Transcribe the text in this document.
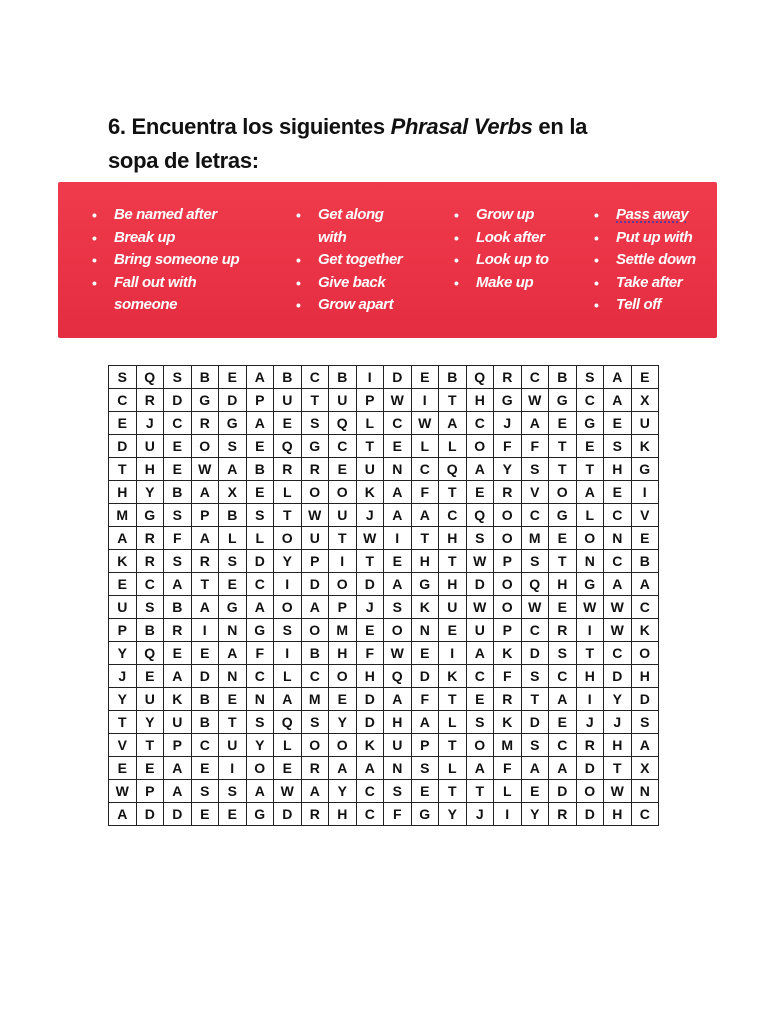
6. Encuentra los siguientes Phrasal Verbs en la sopa de letras:
• Be named after
• Break up
• Bring someone up
• Fall out with
someone
• Get along
with
• Get together
• Give back
• Grow apart
• Grow up
• Look after
• Look up to
• Make up
• Pass away
• Put up with
• Settle down
• Take after
• Tell off
S	Q	S	B	E	A	B	C	B	I	D	E	B	Q	R	C	B	S	A	E
C	R	D	G	D	P	U	T	U	P	W	I	T	H	G	W	G	C	A	X
E	J	C	R	G	A	E	S	Q	L	C	W	A	C	J	A	E	G	E	U
D	U	E	O	S	E	Q	G	C	T	E	L	L	O	F	F	T	E	S	K
T	H	E	W	A	B	R	R	E	U	N	C	Q	A	Y	S	T	T	H	G
H	Y	B	A	X	E	L	O	O	K	A	F	T	E	R	V	O	A	E	I
M	G	S	P	B	S	T	W	U	J	A	A	C	Q	O	C	G	L	C	V
A	R	F	A	L	L	O	U	T	W	I	T	H	S	O	M	E	O	N	E
K	R	S	R	S	D	Y	P	I	T	E	H	T	W	P	S	T	N	C	B
E	C	A	T	E	C	I	D	O	D	A	G	H	D	O	Q	H	G	A	A
U	S	B	A	G	A	O	A	P	J	S	K	U	W	O	W	E	W	W	C
P	B	R	I	N	G	S	O	M	E	O	N	E	U	P	C	R	I	W	K
Y	Q	E	E	A	F	I	B	H	F	W	E	I	A	K	D	S	T	C	O
J	E	A	D	N	C	L	C	O	H	Q	D	K	C	F	S	C	H	D	H
Y	U	K	B	E	N	A	M	E	D	A	F	T	E	R	T	A	I	Y	D
T	Y	U	B	T	S	Q	S	Y	D	H	A	L	S	K	D	E	J	J	S
V	T	P	C	U	Y	L	O	O	K	U	P	T	O	M	S	C	R	H	A
E	E	A	E	I	O	E	R	A	A	N	S	L	A	F	A	A	D	T	X
W	P	A	S	S	A	W	A	Y	C	S	E	T	T	L	E	D	O	W	N
A	D	D	E	E	G	D	R	H	C	F	G	Y	J	I	Y	R	D	H	C
